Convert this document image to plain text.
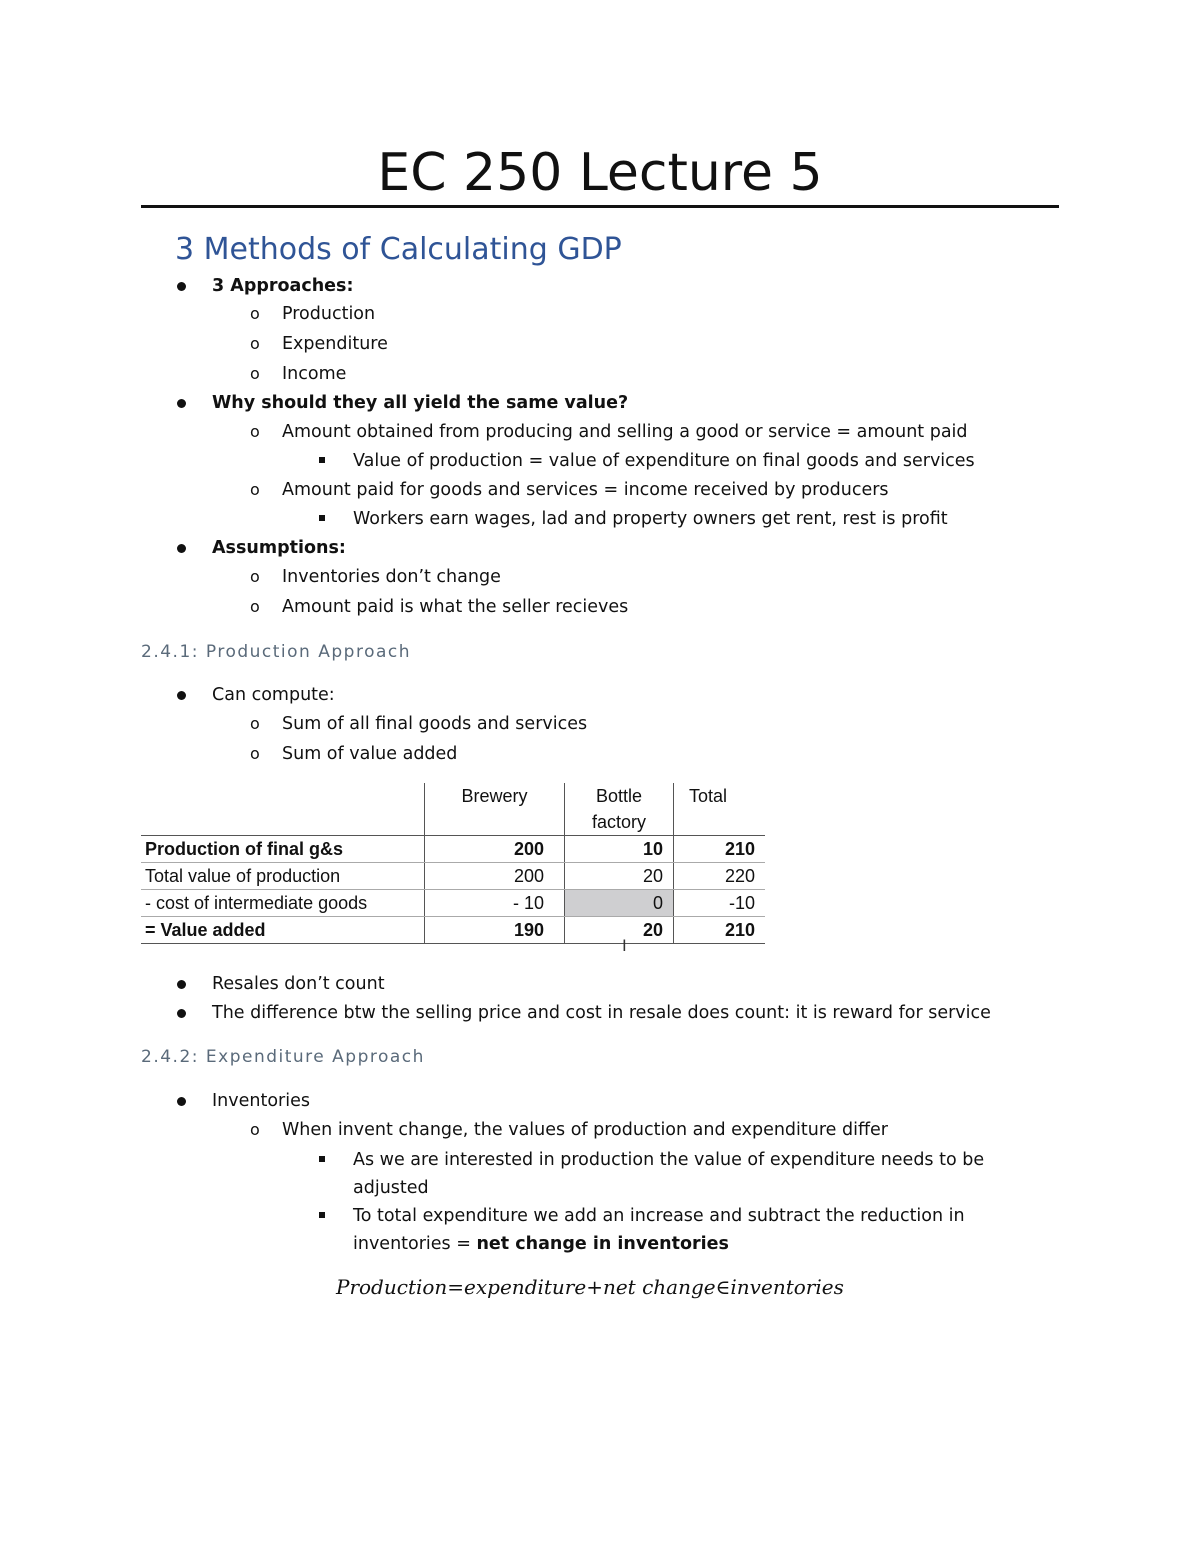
EC 250 Lecture 5
3 Methods of Calculating GDP
3 Approaches:
o Production
o Expenditure
o Income
Why should they all yield the same value?
o Amount obtained from producing and selling a good or service = amount paid
Value of production = value of expenditure on final goods and services
o Amount paid for goods and services = income received by producers
Workers earn wages, lad and property owners get rent, rest is profit
Assumptions:
o Inventories don’t change
o Amount paid is what the seller recieves
2.4.1: Production Approach
Can compute:
o Sum of all final goods and services
o Sum of value added
	Brewery	Bottle factory	Total
Production of final g&s	200	10	210
Total value of production	200	20	220
- cost of intermediate goods	- 10	0	-10
= Value added	190	20	210
I
Resales don’t count
The difference btw the selling price and cost in resale does count: it is reward for service
2.4.2: Expenditure Approach
Inventories
o When invent change, the values of production and expenditure differ
As we are interested in production the value of expenditure needs to be
adjusted
To total expenditure we add an increase and subtract the reduction in
inventories = net change in inventories
Production=expenditure+net change∈inventories
